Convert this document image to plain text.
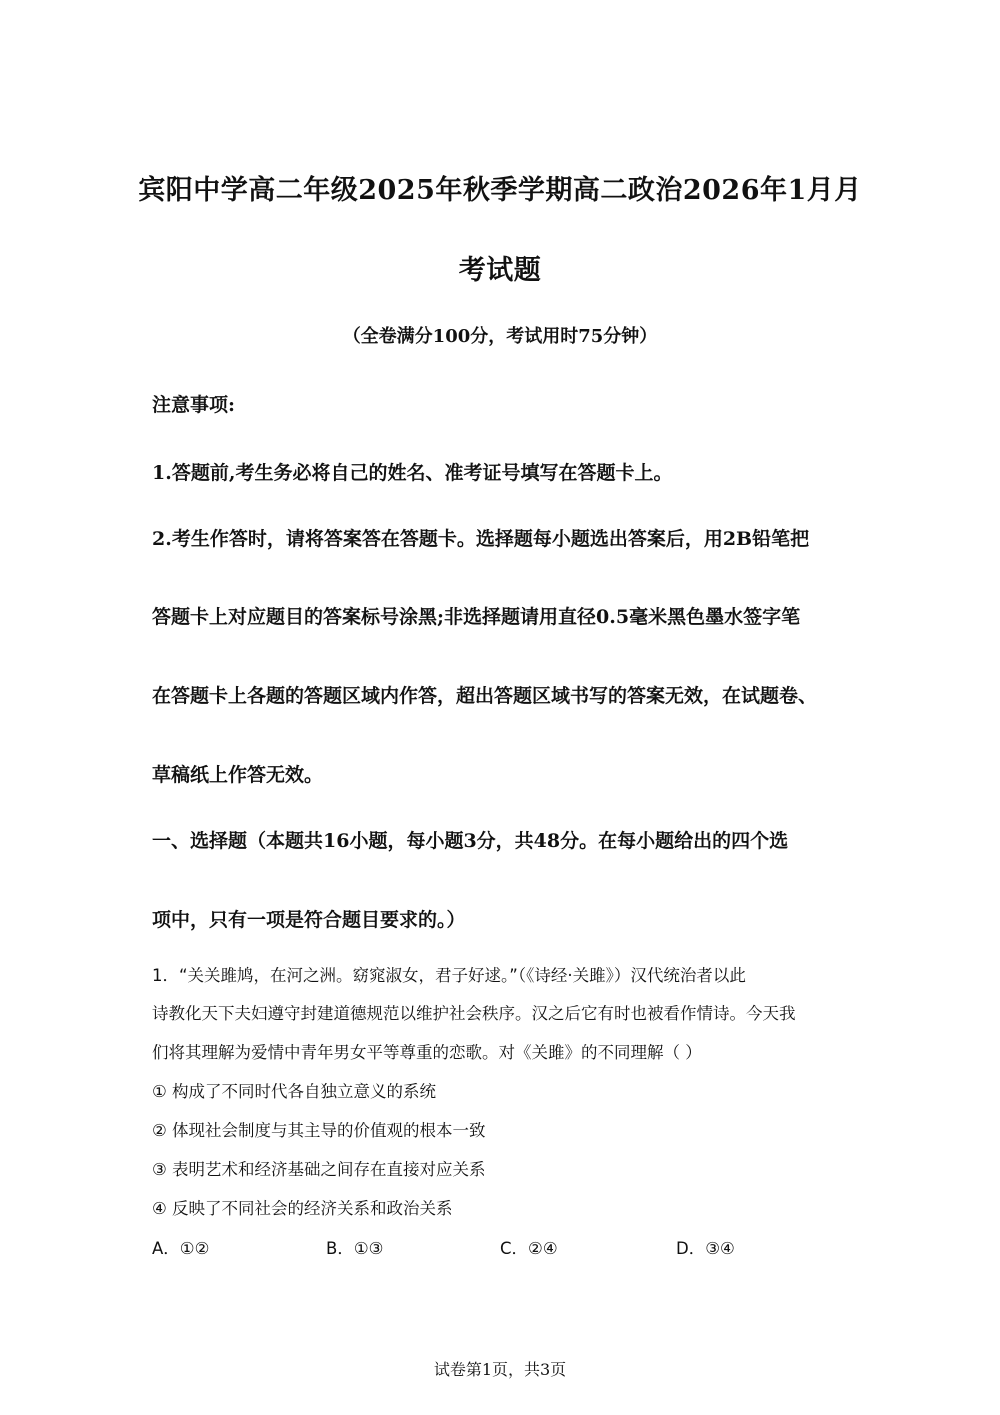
宾阳中学高二年级2025年秋季学期高二政治2026年1月月
考试题
（全卷满分100分，考试用时75分钟）
注意事项:
1.答题前,考生务必将自己的姓名、准考证号填写在答题卡上。
2.考生作答时，请将答案答在答题卡。选择题每小题选出答案后，用2B铅笔把
答题卡上对应题目的答案标号涂黑;非选择题请用直径0.5毫米黑色墨水签字笔
在答题卡上各题的答题区域内作答，超出答题区域书写的答案无效，在试题卷、
草稿纸上作答无效。
一、选择题（本题共16小题，每小题3分，共48分。在每小题给出的四个选
项中，只有一项是符合题目要求的。）
1．“关关雎鸠，在河之洲。窈窕淑女，君子好逑。”（《诗经·关雎》）汉代统治者以此
诗教化天下夫妇遵守封建道德规范以维护社会秩序。汉之后它有时也被看作情诗。今天我
们将其理解为爱情中青年男女平等尊重的恋歌。对《关雎》的不同理解（ ）
① 构成了不同时代各自独立意义的系统
② 体现社会制度与其主导的价值观的根本一致
③ 表明艺术和经济基础之间存在直接对应关系
④ 反映了不同社会的经济关系和政治关系
A．①②	B．①③	C．②④	D．③④
试卷第1页，共3页
